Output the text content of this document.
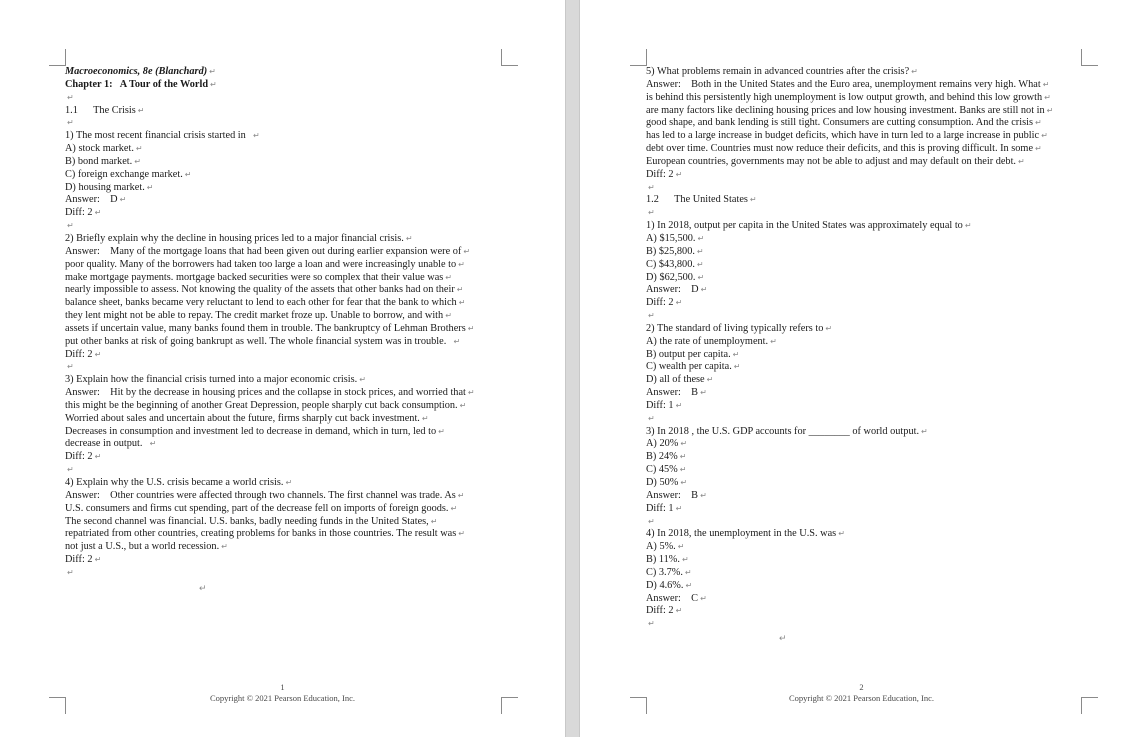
Macroeconomics, 8e (Blanchard) ↵
Chapter 1:   A Tour of the World ↵
↵
1.1      The Crisis ↵
↵
1) The most recent financial crisis started in  ↵
A) stock market. ↵
B) bond market. ↵
C) foreign exchange market. ↵
D) housing market. ↵
Answer:    D ↵
Diff: 2 ↵
↵
2) Briefly explain why the decline in housing prices led to a major financial crisis. ↵
Answer:    Many of the mortgage loans that had been given out during earlier expansion were of ↵
poor quality. Many of the borrowers had taken too large a loan and were increasingly unable to ↵
make mortgage payments. mortgage backed securities were so complex that their value was ↵
nearly impossible to assess. Not knowing the quality of the assets that other banks had on their ↵
balance sheet, banks became very reluctant to lend to each other for fear that the bank to which ↵
they lent might not be able to repay. The credit market froze up. Unable to borrow, and with ↵
assets if uncertain value, many banks found them in trouble. The bankruptcy of Lehman Brothers ↵
put other banks at risk of going bankrupt as well. The whole financial system was in trouble.  ↵
Diff: 2 ↵
↵
3) Explain how the financial crisis turned into a major economic crisis. ↵
Answer:    Hit by the decrease in housing prices and the collapse in stock prices, and worried that ↵
this might be the beginning of another Great Depression, people sharply cut back consumption. ↵
Worried about sales and uncertain about the future, firms sharply cut back investment. ↵
Decreases in consumption and investment led to decrease in demand, which in turn, led to ↵
decrease in output.  ↵
Diff: 2 ↵
↵
4) Explain why the U.S. crisis became a world crisis. ↵
Answer:    Other countries were affected through two channels. The first channel was trade. As ↵
U.S. consumers and firms cut spending, part of the decrease fell on imports of foreign goods. ↵
The second channel was financial. U.S. banks, badly needing funds in the United States, ↵
repatriated from other countries, creating problems for banks in those countries. The result was ↵
not just a U.S., but a world recession. ↵
Diff: 2 ↵
↵
↵
1
Copyright © 2021 Pearson Education, Inc.
5) What problems remain in advanced countries after the crisis? ↵
Answer:    Both in the United States and the Euro area, unemployment remains very high. What ↵
is behind this persistently high unemployment is low output growth, and behind this low growth ↵
are many factors like declining housing prices and low housing investment. Banks are still not in ↵
good shape, and bank lending is still tight. Consumers are cutting consumption. And the crisis ↵
has led to a large increase in budget deficits, which have in turn led to a large increase in public ↵
debt over time. Countries must now reduce their deficits, and this is proving difficult. In some ↵
European countries, governments may not be able to adjust and may default on their debt. ↵
Diff: 2 ↵
↵
1.2      The United States ↵
↵
1) In 2018, output per capita in the United States was approximately equal to ↵
A) $15,500. ↵
B) $25,800. ↵
C) $43,800. ↵
D) $62,500. ↵
Answer:    D ↵
Diff: 2 ↵
↵
2) The standard of living typically refers to ↵
A) the rate of unemployment. ↵
B) output per capita. ↵
C) wealth per capita. ↵
D) all of these ↵
Answer:    B ↵
Diff: 1 ↵
↵
3) In 2018 , the U.S. GDP accounts for ________ of world output. ↵
A) 20% ↵
B) 24% ↵
C) 45% ↵
D) 50% ↵
Answer:    B ↵
Diff: 1 ↵
↵
4) In 2018, the unemployment in the U.S. was ↵
A) 5%. ↵
B) 11%. ↵
C) 3.7%. ↵
D) 4.6%. ↵
Answer:    C ↵
Diff: 2 ↵
↵
↵
2
Copyright © 2021 Pearson Education, Inc.
